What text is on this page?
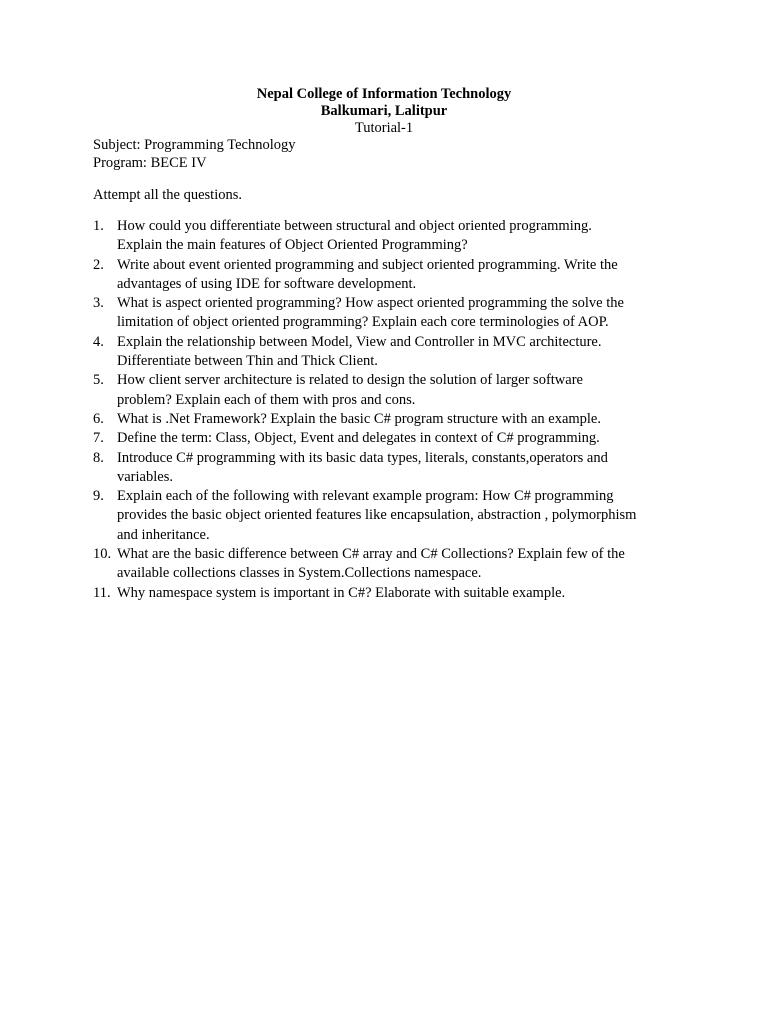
Nepal College of Information Technology
Balkumari, Lalitpur
Tutorial-1
Subject: Programming Technology
Program: BECE IV
Attempt all the questions.
1. How could you differentiate between structural and object oriented programming.
Explain the main features of Object Oriented Programming?
2. Write about event oriented programming and subject oriented programming. Write the
advantages of using IDE for software development.
3. What is aspect oriented programming? How aspect oriented programming the solve the
limitation of object oriented programming? Explain each core terminologies of AOP.
4. Explain the relationship between Model, View and Controller in MVC architecture.
Differentiate between Thin and Thick Client.
5. How client server architecture is related to design the solution of larger software
problem? Explain each of them with pros and cons.
6. What is .Net Framework? Explain the basic C# program structure with an example.
7. Define the term: Class, Object, Event and delegates in context of C# programming.
8. Introduce C# programming with its basic data types, literals, constants,operators and
variables.
9. Explain each of the following with relevant example program: How C# programming
provides the basic object oriented features like encapsulation, abstraction , polymorphism
and inheritance.
10. What are the basic difference between C# array and C# Collections? Explain few of the
available collections classes in System.Collections namespace.
11. Why namespace system is important in C#? Elaborate with suitable example.
